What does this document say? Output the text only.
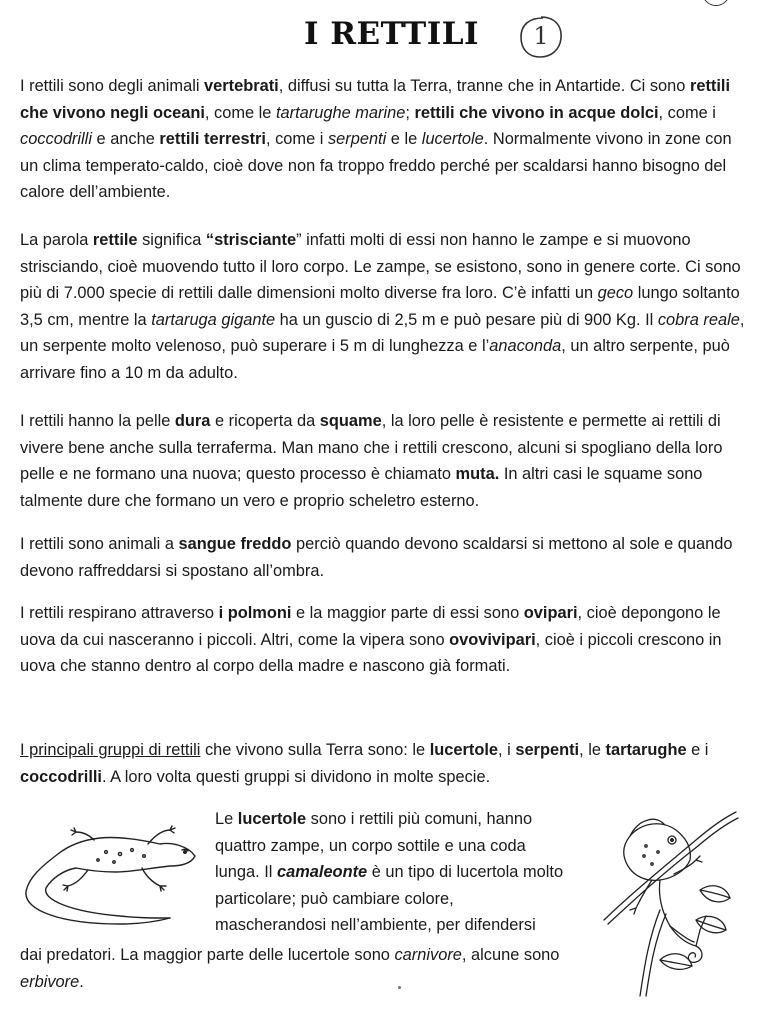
I RETTILI	1

I rettili sono degli animali vertebrati, diffusi su tutta la Terra, tranne che in Antartide. Ci sono rettili che vivono negli oceani, come le tartarughe marine; rettili che vivono in acque dolci, come i coccodrilli e anche rettili terrestri, come i serpenti e le lucertole. Normalmente vivono in zone con un clima temperato-caldo, cioè dove non fa troppo freddo perché per scaldarsi hanno bisogno del calore dell’ambiente.

La parola rettile significa “strisciante” infatti molti di essi non hanno le zampe e si muovono strisciando, cioè muovendo tutto il loro corpo. Le zampe, se esistono, sono in genere corte. Ci sono più di 7.000 specie di rettili dalle dimensioni molto diverse fra loro. C’è infatti un geco lungo soltanto 3,5 cm, mentre la tartaruga gigante ha un guscio di 2,5 m e può pesare più di 900 Kg. Il cobra reale, un serpente molto velenoso, può superare i 5 m di lunghezza e l’anaconda, un altro serpente, può arrivare fino a 10 m da adulto.

I rettili hanno la pelle dura e ricoperta da squame, la loro pelle è resistente e permette ai rettili di vivere bene anche sulla terraferma. Man mano che i rettili crescono, alcuni si spogliano della loro pelle e ne formano una nuova; questo processo è chiamato muta. In altri casi le squame sono talmente dure che formano un vero e proprio scheletro esterno.

I rettili sono animali a sangue freddo perciò quando devono scaldarsi si mettono al sole e quando devono raffreddarsi si spostano all’ombra.

I rettili respirano attraverso i polmoni e la maggior parte di essi sono ovipari, cioè depongono le uova da cui nasceranno i piccoli. Altri, come la vipera sono ovovivipari, cioè i piccoli crescono in uova che stanno dentro al corpo della madre e nascono già formati.

I principali gruppi di rettili che vivono sulla Terra sono: le lucertole, i serpenti, le tartarughe e i coccodrilli. A loro volta questi gruppi si dividono in molte specie.

Le lucertole sono i rettili più comuni, hanno quattro zampe, un corpo sottile e una coda lunga. Il camaleonte è un tipo di lucertola molto particolare; può cambiare colore, mascherandosi nell’ambiente, per difendersi

dai predatori. La maggior parte delle lucertole sono carnivore, alcune sono erbivore.
